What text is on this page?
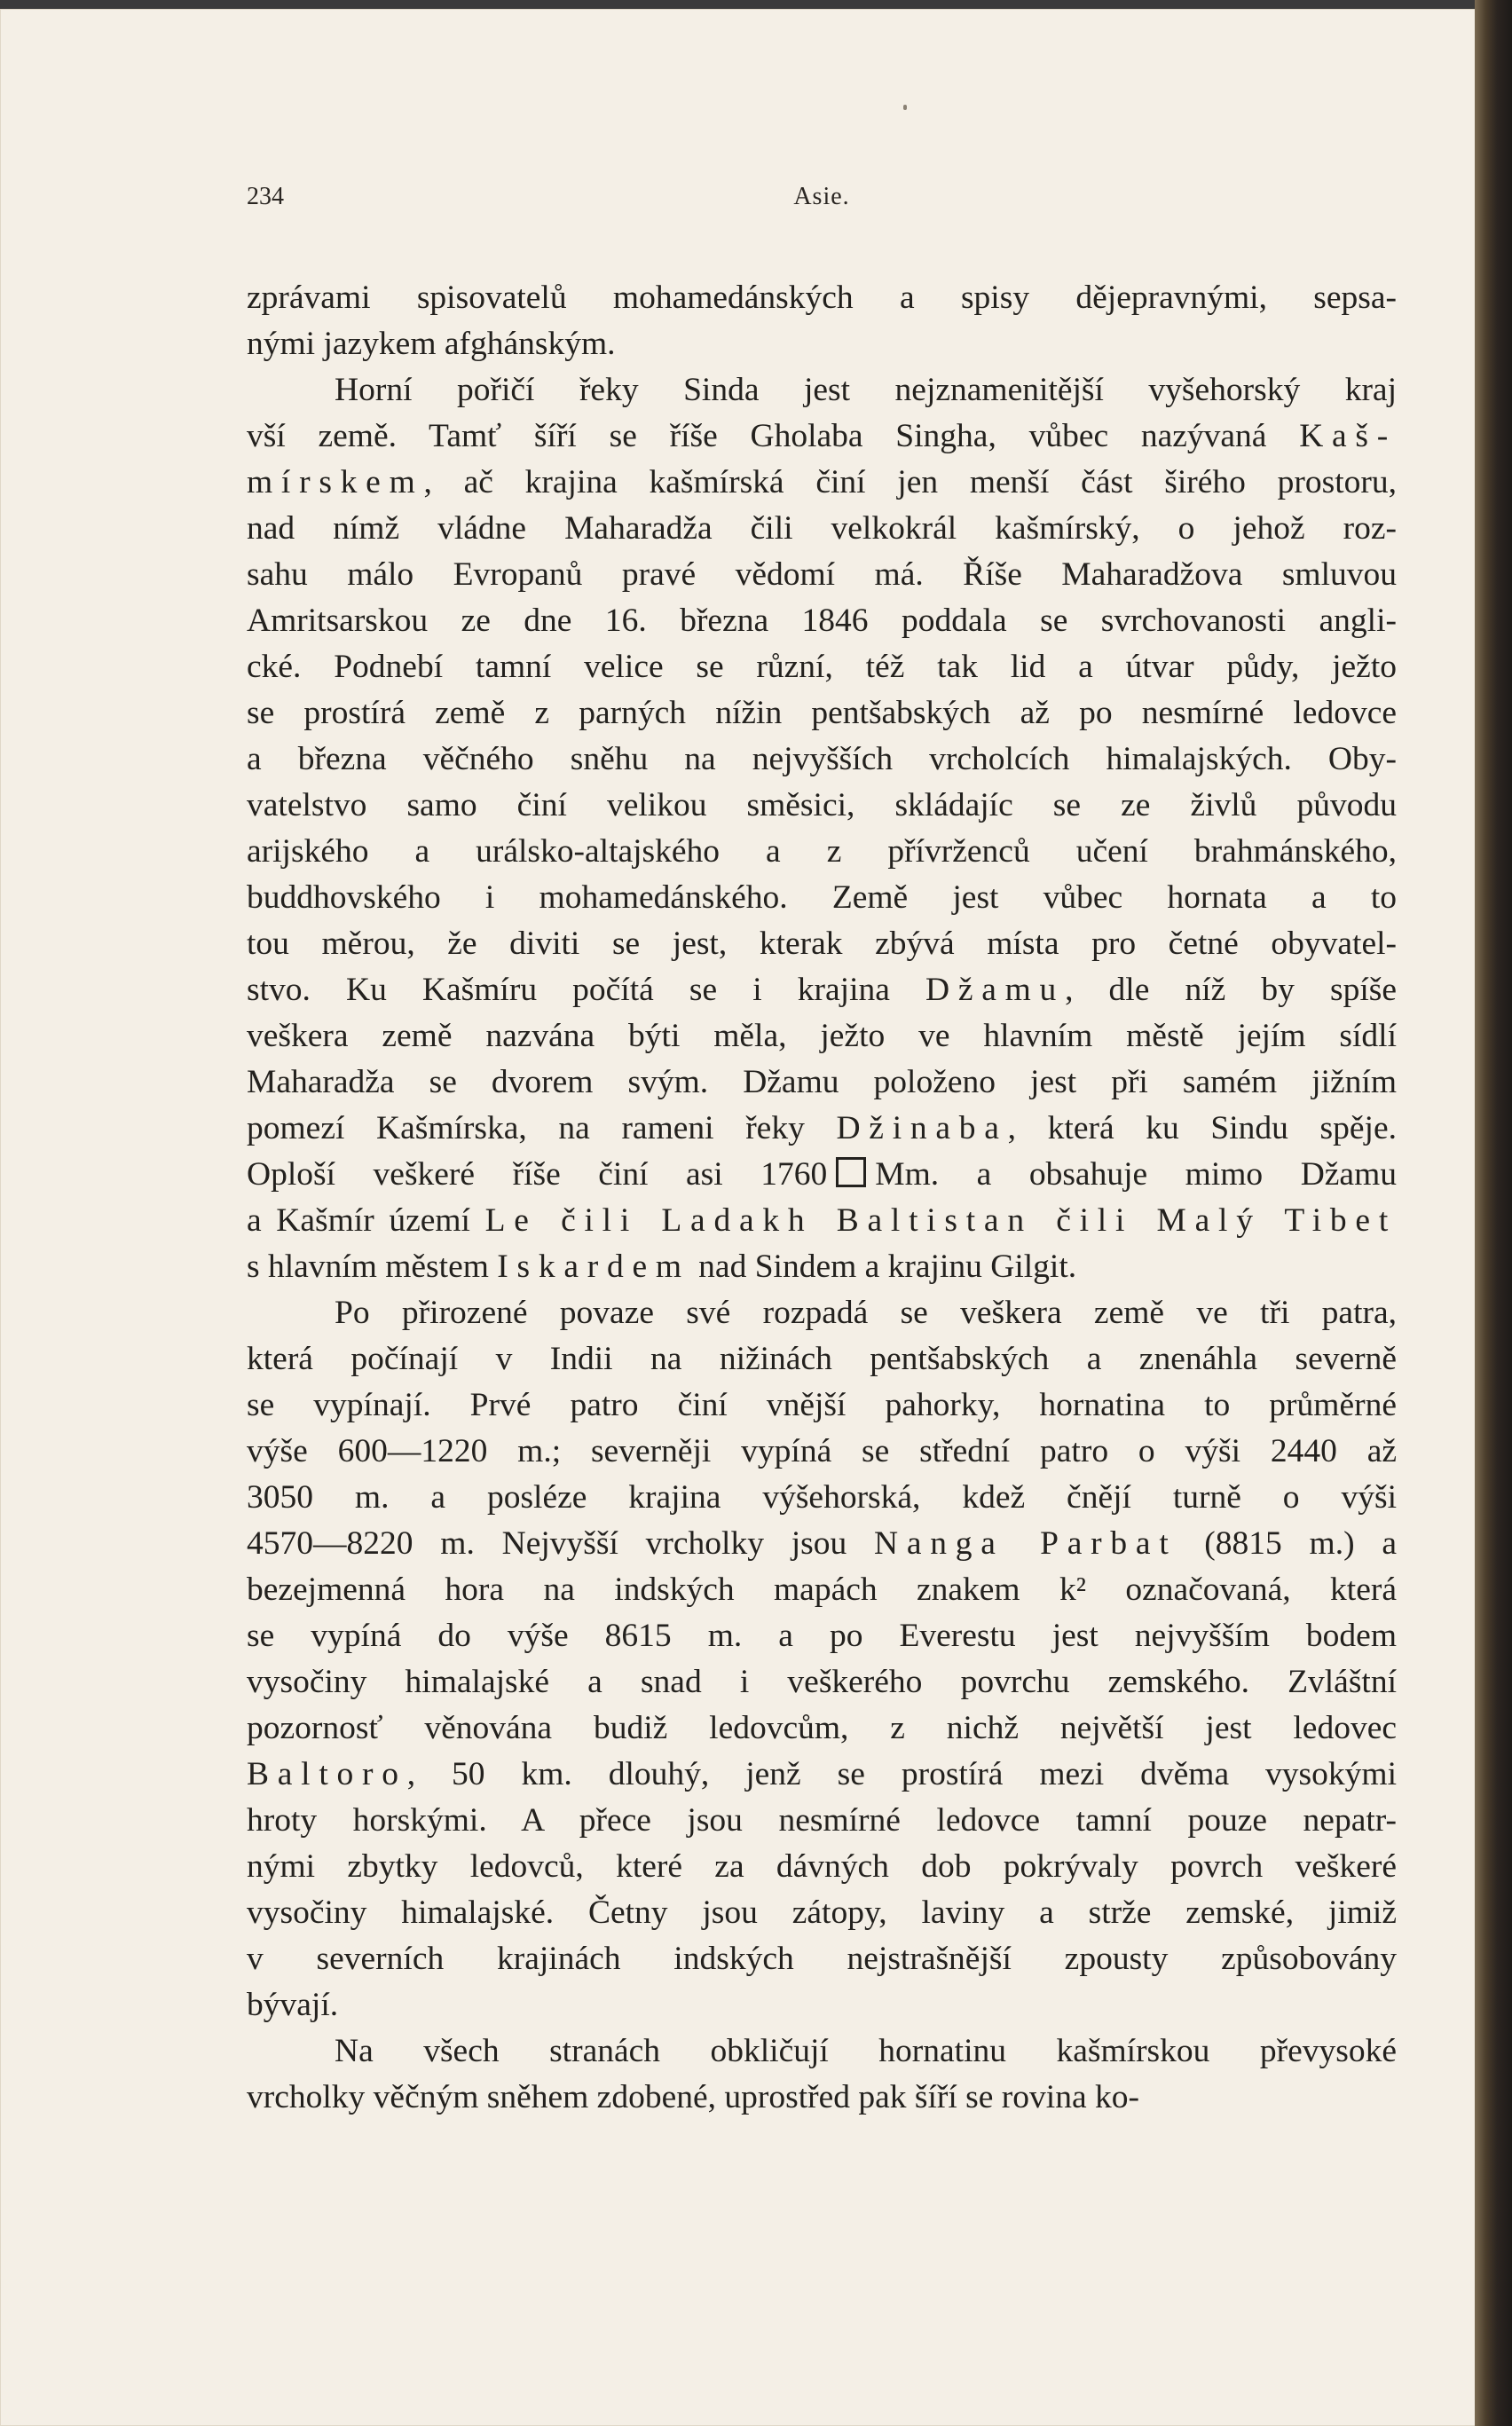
234	Asie.
zprávami spisovatelů mohamedánských a spisy dějepravnými, sepsa-
nými jazykem afghánským.
Horní pořičí řeky Sinda jest nejznamenitější vyšehorský kraj
vší země. Tamť šíří se říše Gholaba Singha, vůbec nazývaná Kaš-
mírskem, ač krajina kašmírská činí jen menší část širého prostoru,
nad nímž vládne Maharadža čili velkokrál kašmírský, o jehož roz-
sahu málo Evropanů pravé vědomí má. Říše Maharadžova smluvou
Amritsarskou ze dne 16. března 1846 poddala se svrchovanosti angli-
cké. Podnebí tamní velice se různí, též tak lid a útvar půdy, ježto
se prostírá země z parných nížin pentšabských až po nesmírné ledovce
a března věčného sněhu na nejvyšších vrcholcích himalajských. Oby-
vatelstvo samo činí velikou směsici, skládajíc se ze živlů původu
arijského a urálsko-altajského a z přívrženců učení brahmánského,
buddhovského i mohamedánského. Země jest vůbec hornata a to
tou měrou, že diviti se jest, kterak zbývá místa pro četné obyvatel-
stvo. Ku Kašmíru počítá se i krajina Džamu, dle níž by spíše
veškera země nazvána býti měla, ježto ve hlavním městě jejím sídlí
Maharadža se dvorem svým. Džamu položeno jest při samém jižním
pomezí Kašmírska, na rameni řeky Džinaba, která ku Sindu spěje.
Oploší veškeré říše činí asi 1760 Mm. a obsahuje mimo Džamu
a Kašmír území Le čili Ladakh Baltistan čili Malý Tibet
s hlavním městem Iskardem nad Sindem a krajinu Gilgit.
Po přirozené povaze své rozpadá se veškera země ve tři patra,
která počínají v Indii na nižinách pentšabských a znenáhla severně
se vypínají. Prvé patro činí vnější pahorky, hornatina to průměrné
výše 600—1220 m.; severněji vypíná se střední patro o výši 2440 až
3050 m. a posléze krajina výšehorská, kdež čnějí turně o výši
4570—8220 m. Nejvyšší vrcholky jsou Nanga Parbat (8815 m.) a
bezejmenná hora na indských mapách znakem k² označovaná, která
se vypíná do výše 8615 m. a po Everestu jest nejvyšším bodem
vysočiny himalajské a snad i veškerého povrchu zemského. Zvláštní
pozornosť věnována budiž ledovcům, z nichž největší jest ledovec
Baltoro, 50 km. dlouhý, jenž se prostírá mezi dvěma vysokými
hroty horskými. A přece jsou nesmírné ledovce tamní pouze nepatr-
nými zbytky ledovců, které za dávných dob pokrývaly povrch veškeré
vysočiny himalajské. Četny jsou zátopy, laviny a strže zemské, jimiž
v severních krajinách indských nejstrašnější zpousty způsobovány
bývají.
Na všech stranách obkličují hornatinu kašmírskou převysoké
vrcholky věčným sněhem zdobené, uprostřed pak šíří se rovina ko-
